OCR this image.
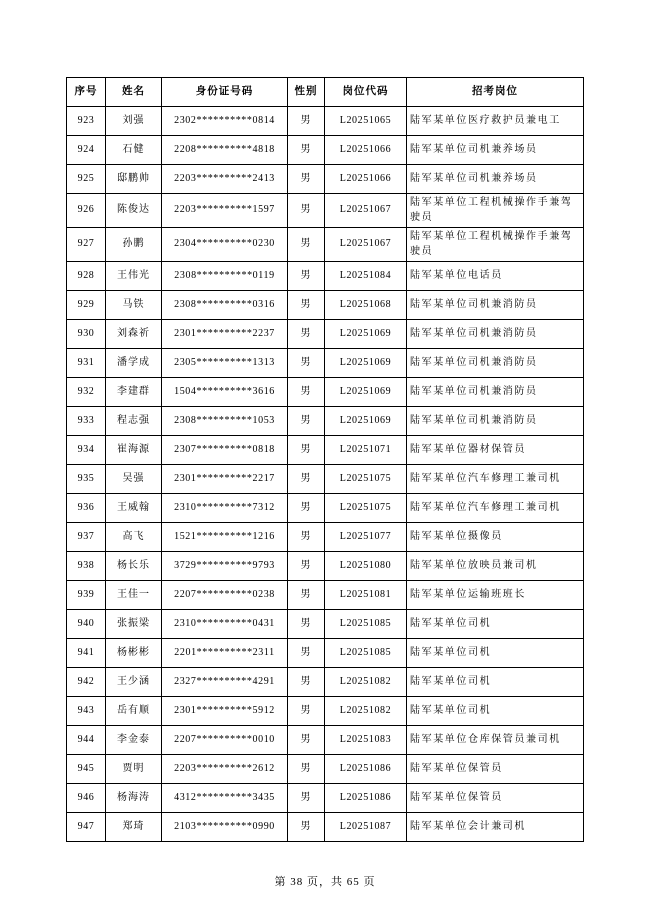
序号	姓名	身份证号码	性别	岗位代码	招考岗位
923	刘强	2302**********0814	男	L20251065	陆军某单位医疗救护员兼电工
924	石健	2208**********4818	男	L20251066	陆军某单位司机兼养场员
925	邸鹏帅	2203**********2413	男	L20251066	陆军某单位司机兼养场员
926	陈俊达	2203**********1597	男	L20251067	陆军某单位工程机械操作手兼驾驶员
927	孙鹏	2304**********0230	男	L20251067	陆军某单位工程机械操作手兼驾驶员
928	王伟光	2308**********0119	男	L20251084	陆军某单位电话员
929	马铁	2308**********0316	男	L20251068	陆军某单位司机兼消防员
930	刘森祈	2301**********2237	男	L20251069	陆军某单位司机兼消防员
931	潘学成	2305**********1313	男	L20251069	陆军某单位司机兼消防员
932	李建群	1504**********3616	男	L20251069	陆军某单位司机兼消防员
933	程志强	2308**********1053	男	L20251069	陆军某单位司机兼消防员
934	崔海源	2307**********0818	男	L20251071	陆军某单位器材保管员
935	吴强	2301**********2217	男	L20251075	陆军某单位汽车修理工兼司机
936	王威翰	2310**********7312	男	L20251075	陆军某单位汽车修理工兼司机
937	高飞	1521**********1216	男	L20251077	陆军某单位摄像员
938	杨长乐	3729**********9793	男	L20251080	陆军某单位放映员兼司机
939	王佳一	2207**********0238	男	L20251081	陆军某单位运输班班长
940	张振梁	2310**********0431	男	L20251085	陆军某单位司机
941	杨彬彬	2201**********2311	男	L20251085	陆军某单位司机
942	王少涵	2327**********4291	男	L20251082	陆军某单位司机
943	岳有顺	2301**********5912	男	L20251082	陆军某单位司机
944	李金泰	2207**********0010	男	L20251083	陆军某单位仓库保管员兼司机
945	贾明	2203**********2612	男	L20251086	陆军某单位保管员
946	杨海涛	4312**********3435	男	L20251086	陆军某单位保管员
947	郑琦	2103**********0990	男	L20251087	陆军某单位会计兼司机
第 38 页，共 65 页
